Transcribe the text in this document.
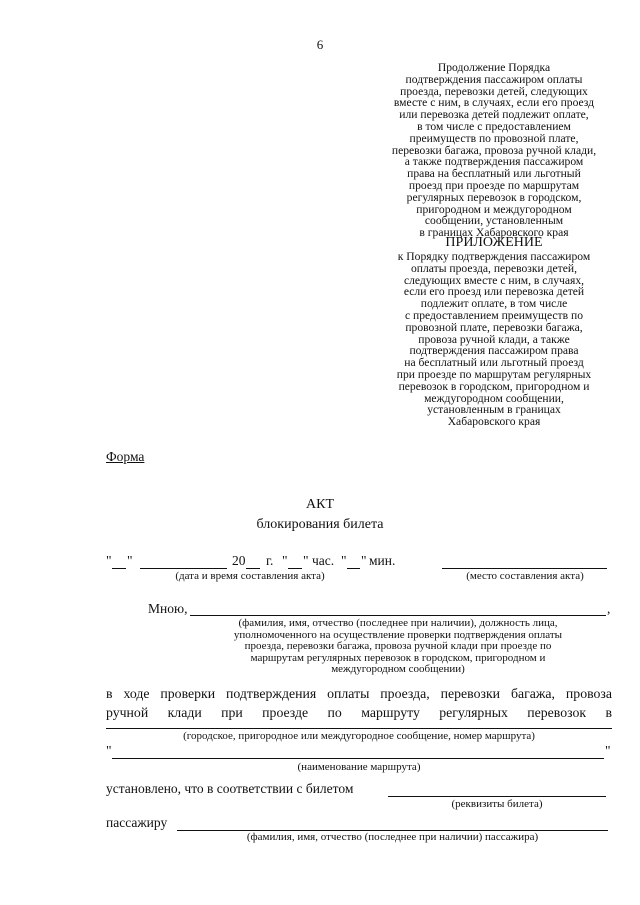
6
Продолжение Порядка
подтверждения пассажиром оплаты
проезда, перевозки детей, следующих
вместе с ним, в случаях, если его проезд
или перевозка детей подлежит оплате,
в том числе с предоставлением
преимуществ по провозной плате,
перевозки багажа, провоза ручной клади,
а также подтверждения пассажиром
права на бесплатный или льготный
проезд при проезде по маршрутам
регулярных перевозок в городском,
пригородном и междугородном
сообщении, установленным
в границах Хабаровского края
ПРИЛОЖЕНИЕ
к Порядку подтверждения пассажиром
оплаты проезда, перевозки детей,
следующих вместе с ним, в случаях,
если его проезд или перевозка детей
подлежит оплате, в том числе
с предоставлением преимуществ по
провозной плате, перевозки багажа,
провоза ручной клади, а также
подтверждения пассажиром права
на бесплатный или льготный проезд
при проезде по маршрутам регулярных
перевозок в городском, пригородном и
междугородном сообщении,
установленным в границах
Хабаровского края
Форма
АКТ
блокирования билета
" "	20 г. " " час. " " мин.
(дата и время составления акта)	(место составления акта)
Мною,	,
(фамилия, имя, отчество (последнее при наличии), должность лица,
уполномоченного на осуществление проверки подтверждения оплаты
проезда, перевозки багажа, провоза ручной клади при проезде по
маршрутам регулярных перевозок в городском, пригородном и
междугородном сообщении)
в ходе проверки подтверждения оплаты проезда, перевозки багажа, провоза
ручной клади при проезде по маршруту регулярных перевозок в
(городское, пригородное или междугородное сообщение, номер маршрута)
"	"
(наименование маршрута)
установлено, что в соответствии с билетом
(реквизиты билета)
пассажиру
(фамилия, имя, отчество (последнее при наличии) пассажира)
